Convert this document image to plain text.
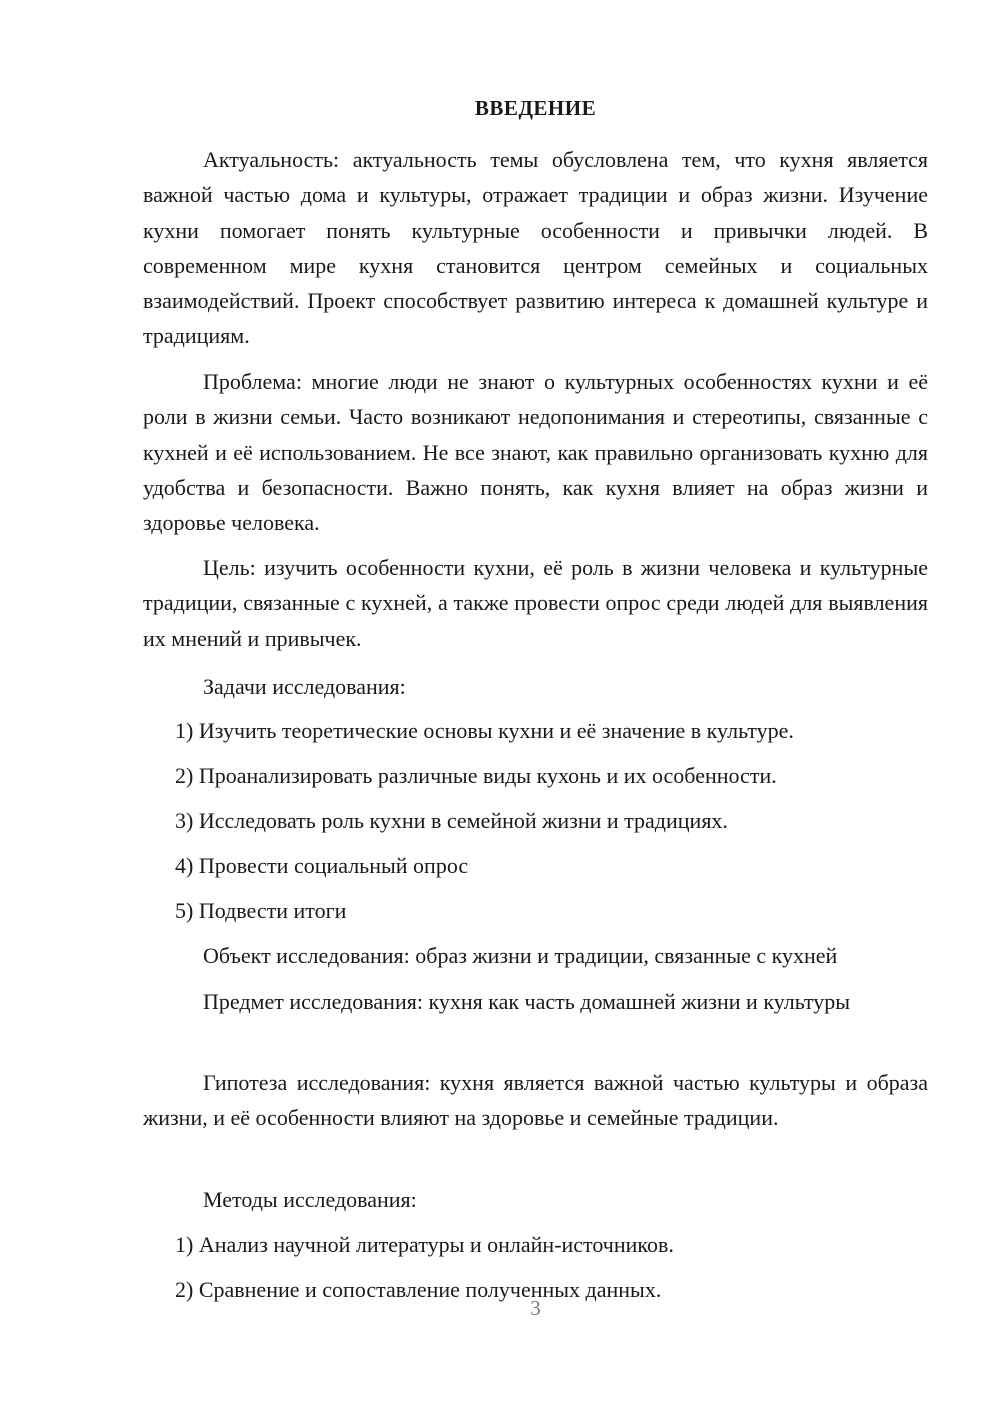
ВВЕДЕНИЕ

Актуальность: актуальность темы обусловлена тем, что кухня является важной частью дома и культуры, отражает традиции и образ жизни. Изучение кухни помогает понять культурные особенности и привычки людей. В современном мире кухня становится центром семейных и социальных взаимодействий. Проект способствует развитию интереса к домашней культуре и традициям.

Проблема: многие люди не знают о культурных особенностях кухни и её роли в жизни семьи. Часто возникают недопонимания и стереотипы, связанные с кухней и её использованием. Не все знают, как правильно организовать кухню для удобства и безопасности. Важно понять, как кухня влияет на образ жизни и здоровье человека.

Цель: изучить особенности кухни, её роль в жизни человека и культурные традиции, связанные с кухней, а также провести опрос среди людей для выявления их мнений и привычек.

Задачи исследования:

1) Изучить теоретические основы кухни и её значение в культуре.

2) Проанализировать различные виды кухонь и их особенности.

3) Исследовать роль кухни в семейной жизни и традициях.

4) Провести социальный опрос

5) Подвести итоги

Объект исследования: образ жизни и традиции, связанные с кухней

Предмет исследования: кухня как часть домашней жизни и культуры

Гипотеза исследования: кухня является важной частью культуры и образа жизни, и её особенности влияют на здоровье и семейные традиции.

Методы исследования:

1) Анализ научной литературы и онлайн-источников.

2) Сравнение и сопоставление полученных данных.

3
